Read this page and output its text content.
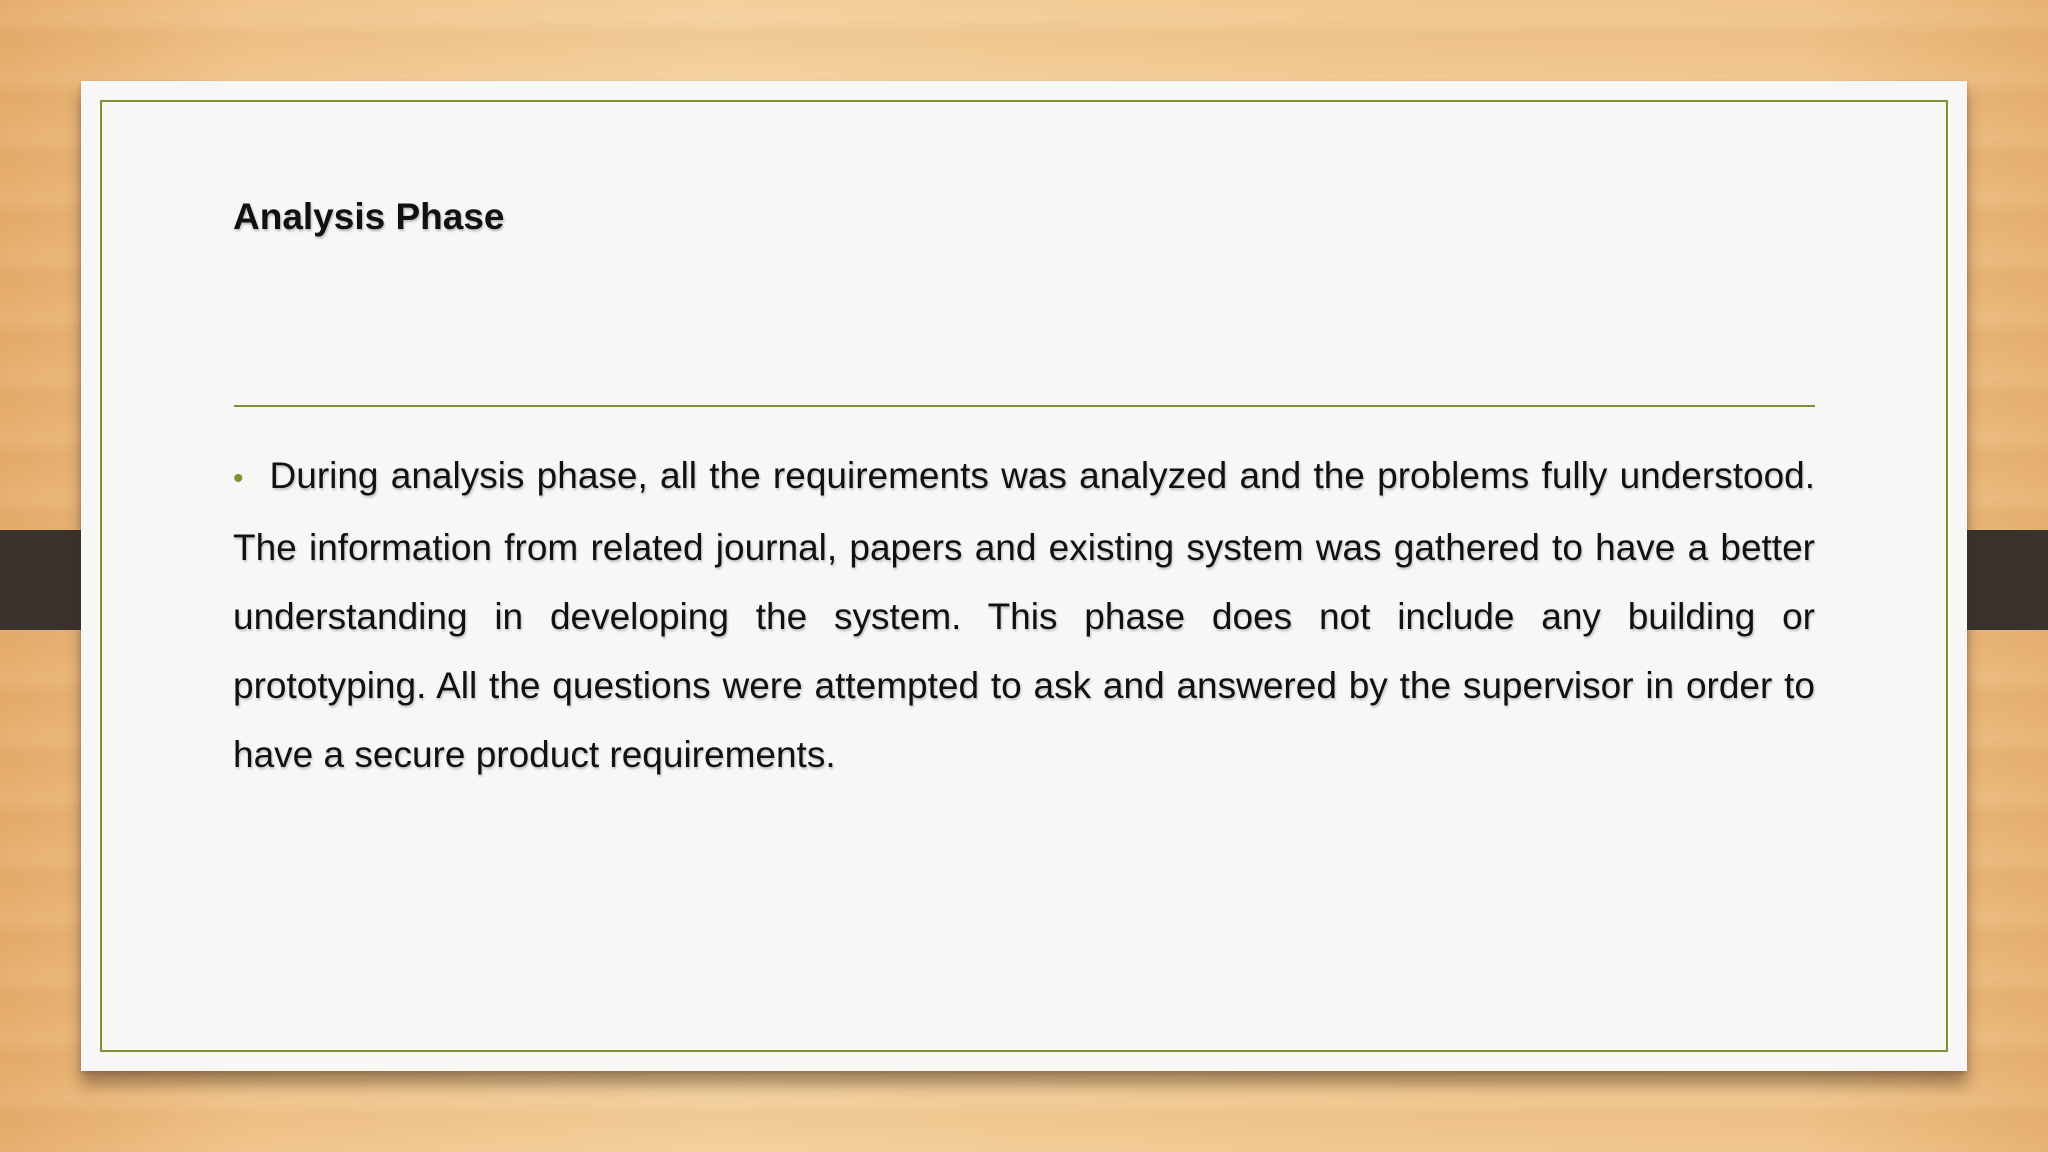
Analysis Phase

• During analysis phase, all the requirements was analyzed and the problems fully understood. The information from related journal, papers and existing system was gathered to have a better understanding in developing the system. This phase does not include any building or prototyping. All the questions were attempted to ask and answered by the supervisor in order to have a secure product requirements.
